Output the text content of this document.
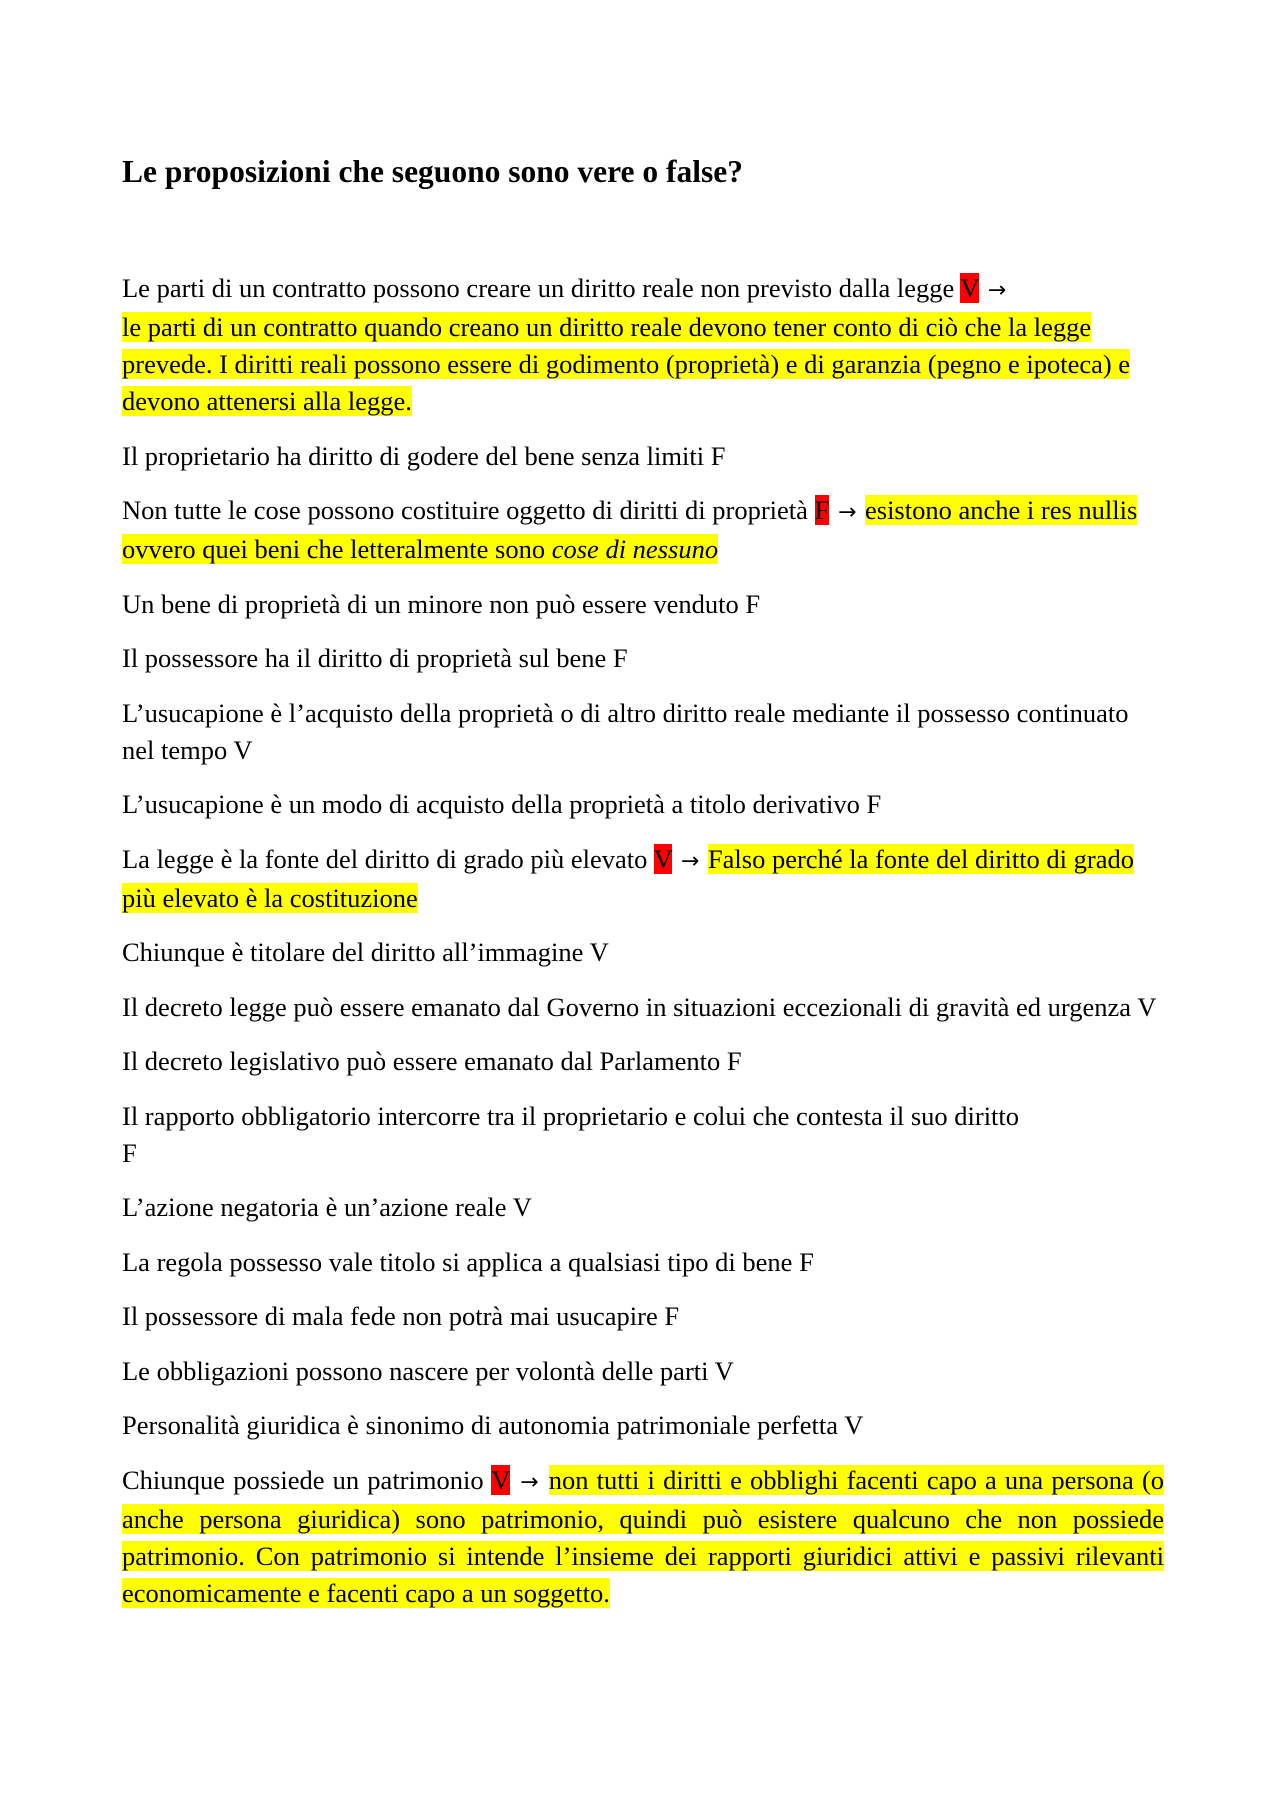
Le proposizioni che seguono sono vere o false?

Le parti di un contratto possono creare un diritto reale non previsto dalla legge V →
le parti di un contratto quando creano un diritto reale devono tener conto di ciò che la legge prevede. I diritti reali possono essere di godimento (proprietà) e di garanzia (pegno e ipoteca) e devono attenersi alla legge.

Il proprietario ha diritto di godere del bene senza limiti F

Non tutte le cose possono costituire oggetto di diritti di proprietà F → esistono anche i res nullis ovvero quei beni che letteralmente sono cose di nessuno

Un bene di proprietà di un minore non può essere venduto F

Il possessore ha il diritto di proprietà sul bene F

L’usucapione è l’acquisto della proprietà o di altro diritto reale mediante il possesso continuato nel tempo V

L’usucapione è un modo di acquisto della proprietà a titolo derivativo F

La legge è la fonte del diritto di grado più elevato V → Falso perché la fonte del diritto di grado più elevato è la costituzione

Chiunque è titolare del diritto all’immagine V

Il decreto legge può essere emanato dal Governo in situazioni eccezionali di gravità ed urgenza V

Il decreto legislativo può essere emanato dal Parlamento F

Il rapporto obbligatorio intercorre tra il proprietario e colui che contesta il suo diritto
F

L’azione negatoria è un’azione reale V

La regola possesso vale titolo si applica a qualsiasi tipo di bene F

Il possessore di mala fede non potrà mai usucapire F

Le obbligazioni possono nascere per volontà delle parti V

Personalità giuridica è sinonimo di autonomia patrimoniale perfetta V

Chiunque possiede un patrimonio V → non tutti i diritti e obblighi facenti capo a una persona (o anche persona giuridica) sono patrimonio, quindi può esistere qualcuno che non possiede patrimonio. Con patrimonio si intende l’insieme dei rapporti giuridici attivi e passivi rilevanti economicamente e facenti capo a un soggetto.
